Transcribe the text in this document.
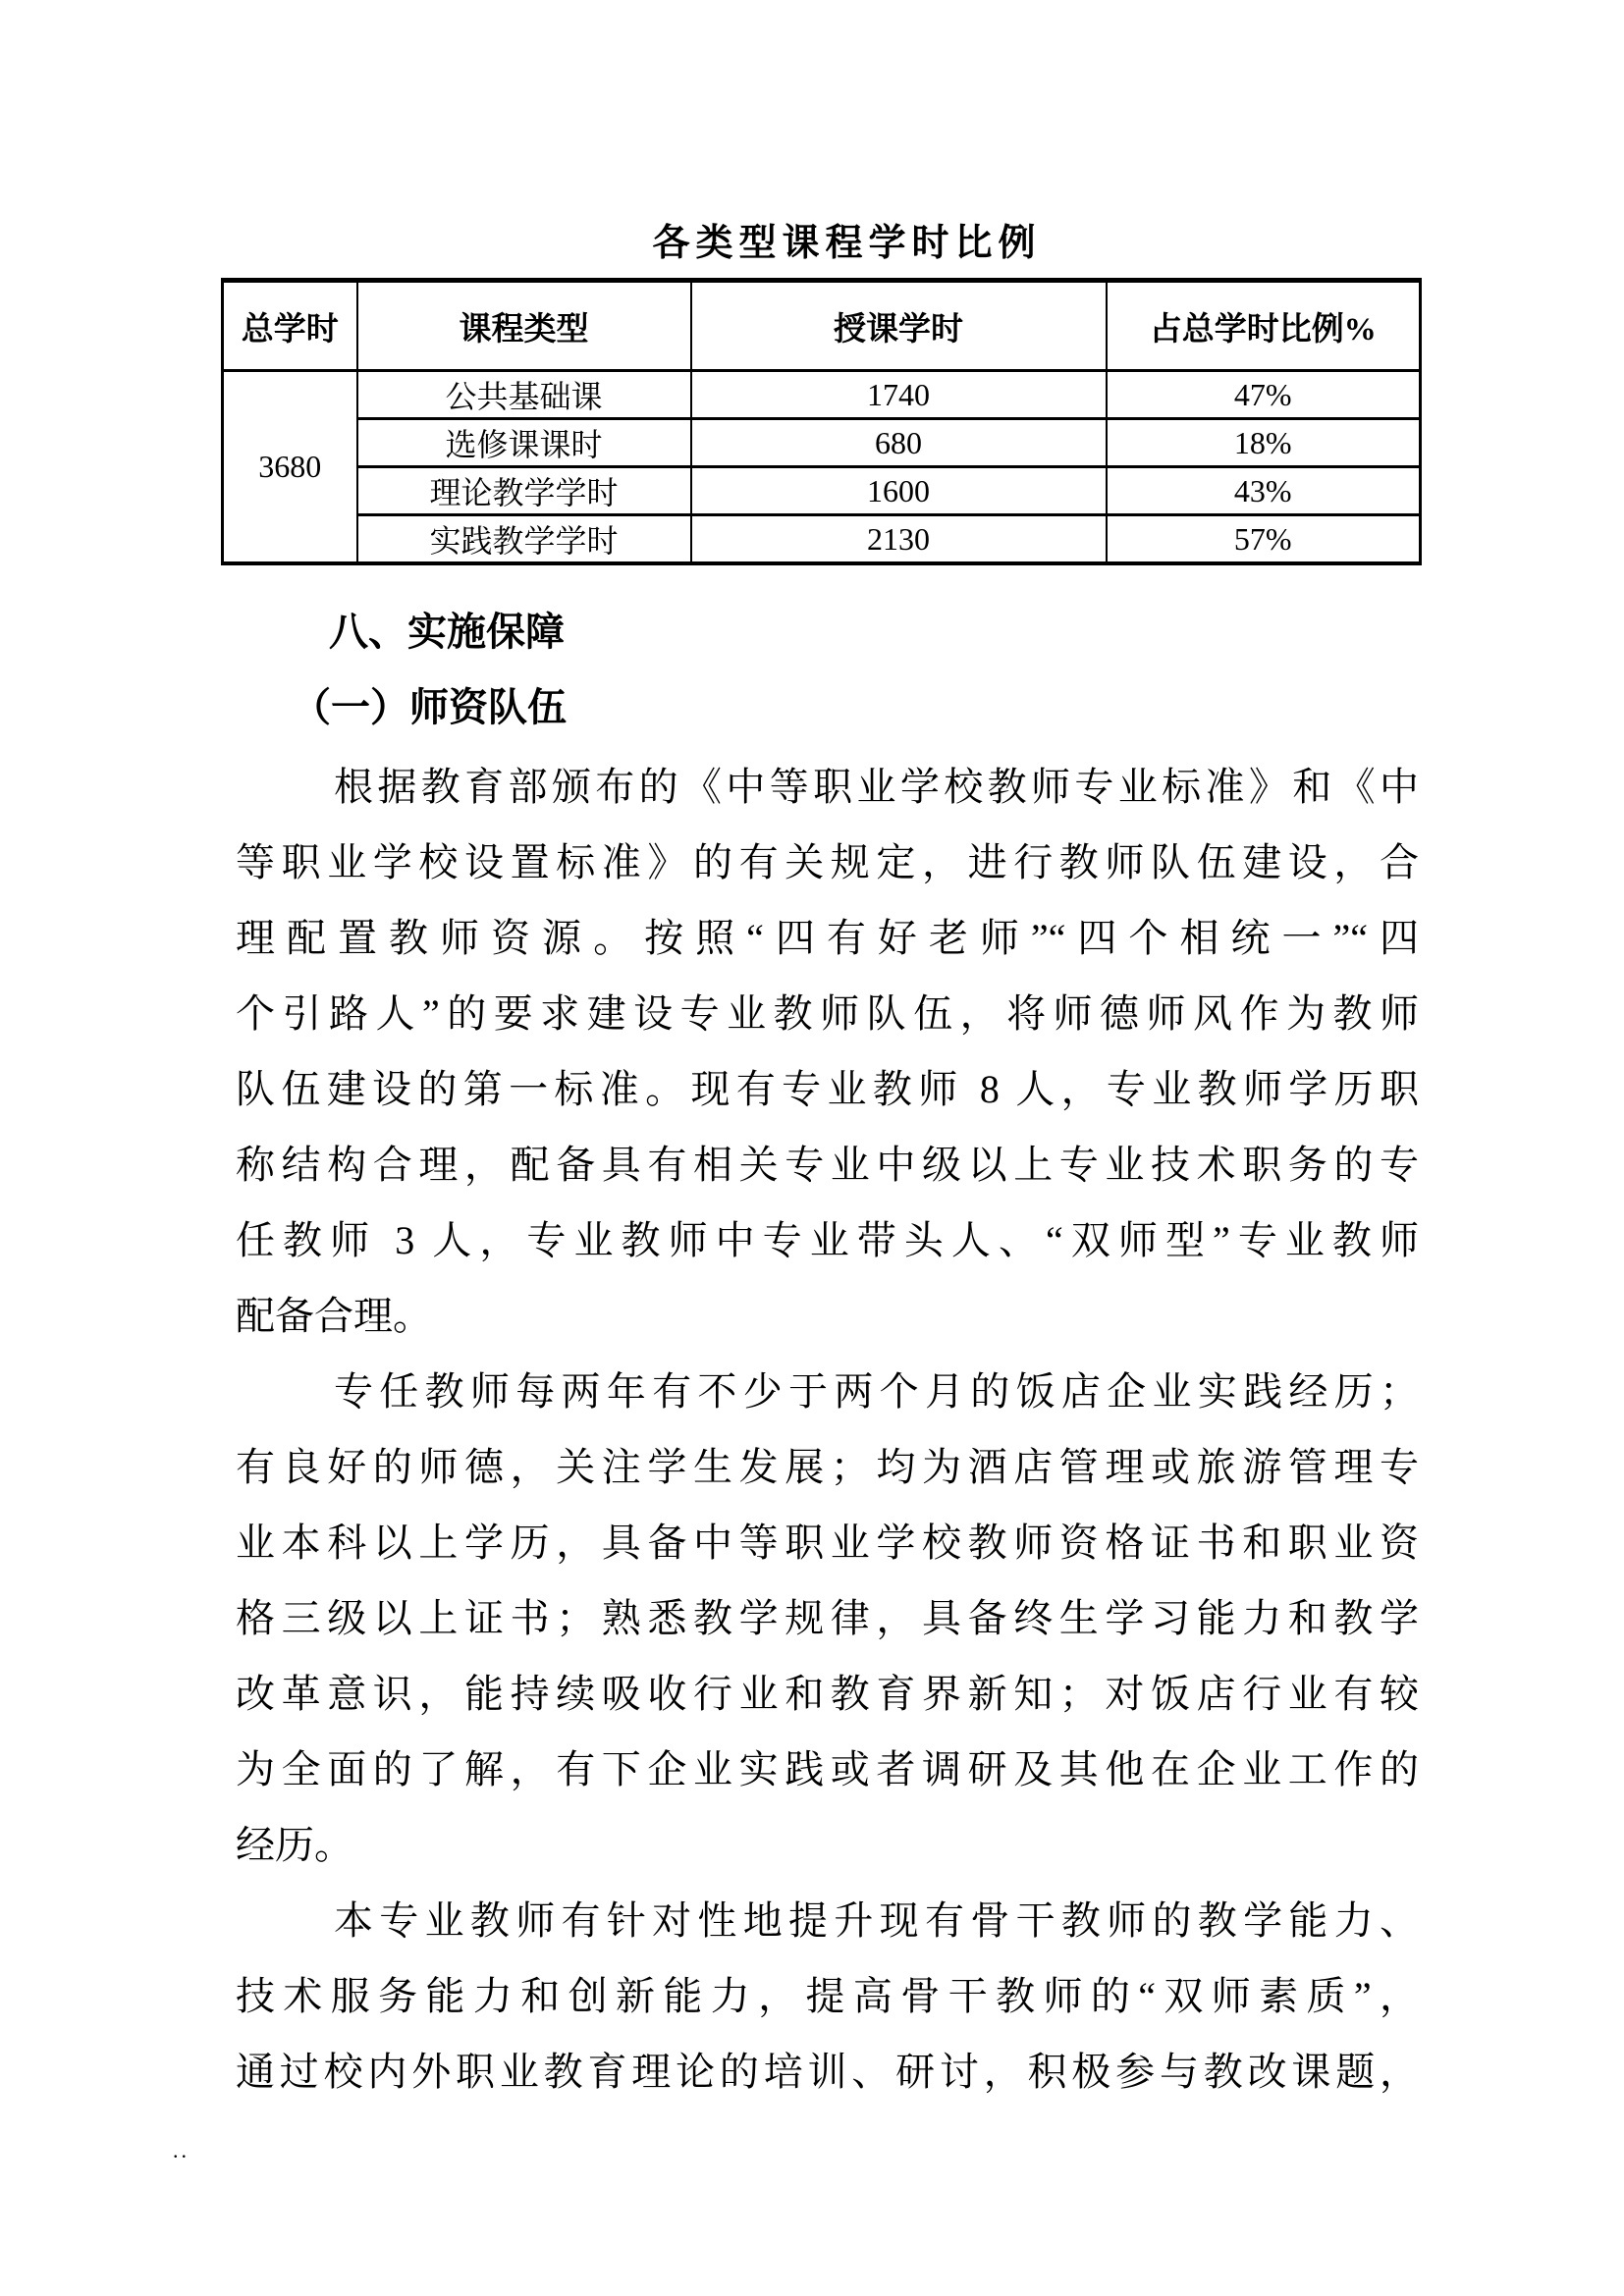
各类型课程学时比例
总学时	课程类型	授课学时	占总学时比例%
3680	公共基础课	1740	47%
	选修课课时	680	18%
	理论教学学时	1600	43%
	实践教学学时	2130	57%
八、实施保障
（一）师资队伍
根据教育部颁布的《中等职业学校教师专业标准》和《中
等职业学校设置标准》的有关规定，进行教师队伍建设，合
理配置教师资源。按照“四有好老师”“四个相统一”“四
个引路人”的要求建设专业教师队伍，将师德师风作为教师
队伍建设的第一标准。现有专业教师 8 人，专业教师学历职
称结构合理，配备具有相关专业中级以上专业技术职务的专
任教师 3 人，专业教师中专业带头人、“双师型”专业教师
配备合理。
专任教师每两年有不少于两个月的饭店企业实践经历；
有良好的师德，关注学生发展；均为酒店管理或旅游管理专
业本科以上学历，具备中等职业学校教师资格证书和职业资
格三级以上证书；熟悉教学规律，具备终生学习能力和教学
改革意识，能持续吸收行业和教育界新知；对饭店行业有较
为全面的了解，有下企业实践或者调研及其他在企业工作的
经历。
本专业教师有针对性地提升现有骨干教师的教学能力、
技术服务能力和创新能力，提高骨干教师的“双师素质”，
通过校内外职业教育理论的培训、研讨，积极参与教改课题，
..
